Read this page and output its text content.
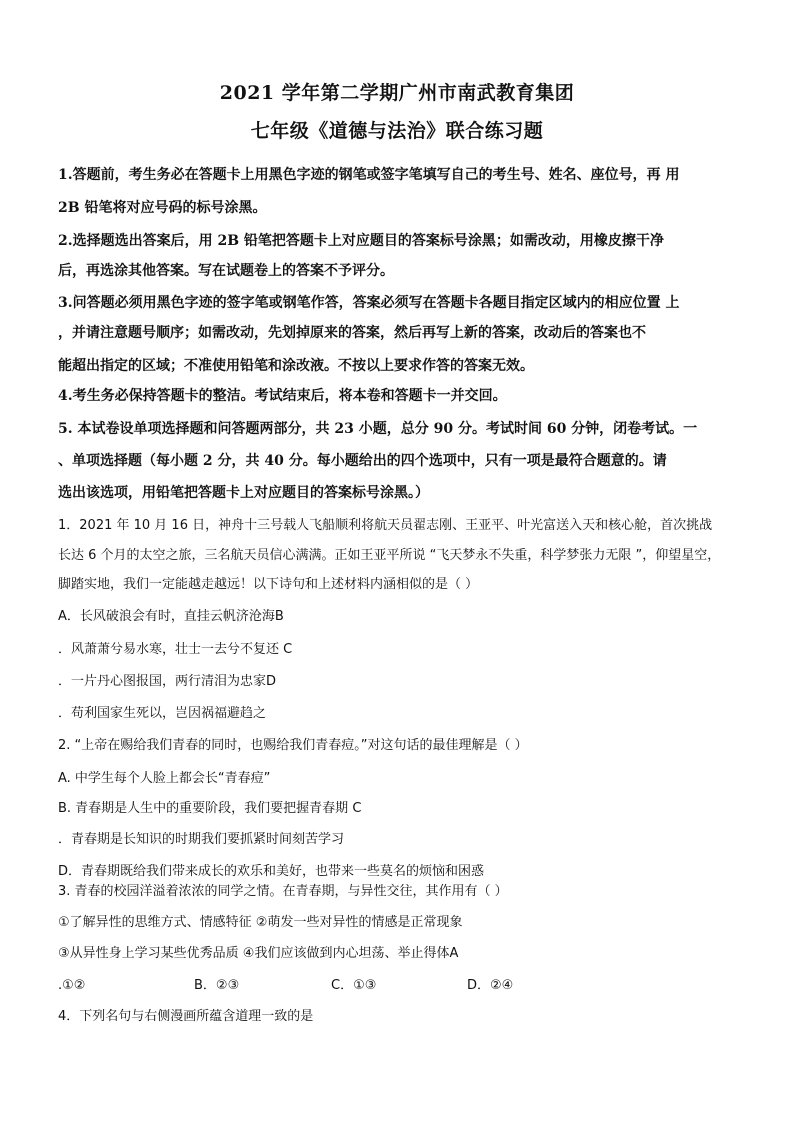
2021 学年第二学期广州市南武教育集团
七年级《道德与法治》联合练习题
1.答题前，考生务必在答题卡上用黑色字迹的钢笔或签字笔填写自己的考生号、姓名、座位号，再 用
2B 铅笔将对应号码的标号涂黑。
2.选择题选出答案后，用 2B 铅笔把答题卡上对应题目的答案标号涂黑；如需改动，用橡皮擦干净
后，再选涂其他答案。写在试题卷上的答案不予评分。
3.问答题必须用黑色字迹的签字笔或钢笔作答，答案必须写在答题卡各题目指定区域内的相应位置 上
，并请注意题号顺序；如需改动，先划掉原来的答案，然后再写上新的答案，改动后的答案也不
能超出指定的区域；不准使用铅笔和涂改液。不按以上要求作答的答案无效。
4.考生务必保持答题卡的整洁。考试结束后，将本卷和答题卡一并交回。
5. 本试卷设单项选择题和问答题两部分，共 23 小题，总分 90 分。考试时间 60 分钟，闭卷考试。一
、单项选择题（每小题 2 分，共 40 分。每小题给出的四个选项中，只有一项是最符合题意的。请
选出该选项，用铅笔把答题卡上对应题目的答案标号涂黑。）
1．2021 年 10 月 16 日，神舟十三号载人飞船顺利将航天员翟志刚、王亚平、叶光富送入天和核心舱，首次挑战
长达 6 个月的太空之旅，三名航天员信心满满。正如王亚平所说 “飞天梦永不失重，科学梦张力无限 ”，仰望星空，
脚踏实地，我们一定能越走越远！以下诗句和上述材料内涵相似的是（ ）
A．长风破浪会有时，直挂云帆济沧海B
．风萧萧兮易水寒，壮士一去兮不复还 C
．一片丹心图报国，两行清泪为忠家D
．苟利国家生死以，岂因祸福避趋之
2. “上帝在赐给我们青春的同时，也赐给我们青春痘。”对这句话的最佳理解是（ ）
A. 中学生每个人脸上都会长“青春痘”
B. 青春期是人生中的重要阶段，我们要把握青春期 C
．青春期是长知识的时期我们要抓紧时间刻苦学习
D．青春期既给我们带来成长的欢乐和美好，也带来一些莫名的烦恼和困惑
3. 青春的校园洋溢着浓浓的同学之情。在青春期，与异性交往，其作用有（ ）
①了解异性的思维方式、情感特征 ②萌发一些对异性的情感是正常现象
③从异性身上学习某些优秀品质 ④我们应该做到内心坦荡、举止得体A
.①②	B．②③	C．①③	D．②④
4．下列名句与右侧漫画所蕴含道理一致的是
